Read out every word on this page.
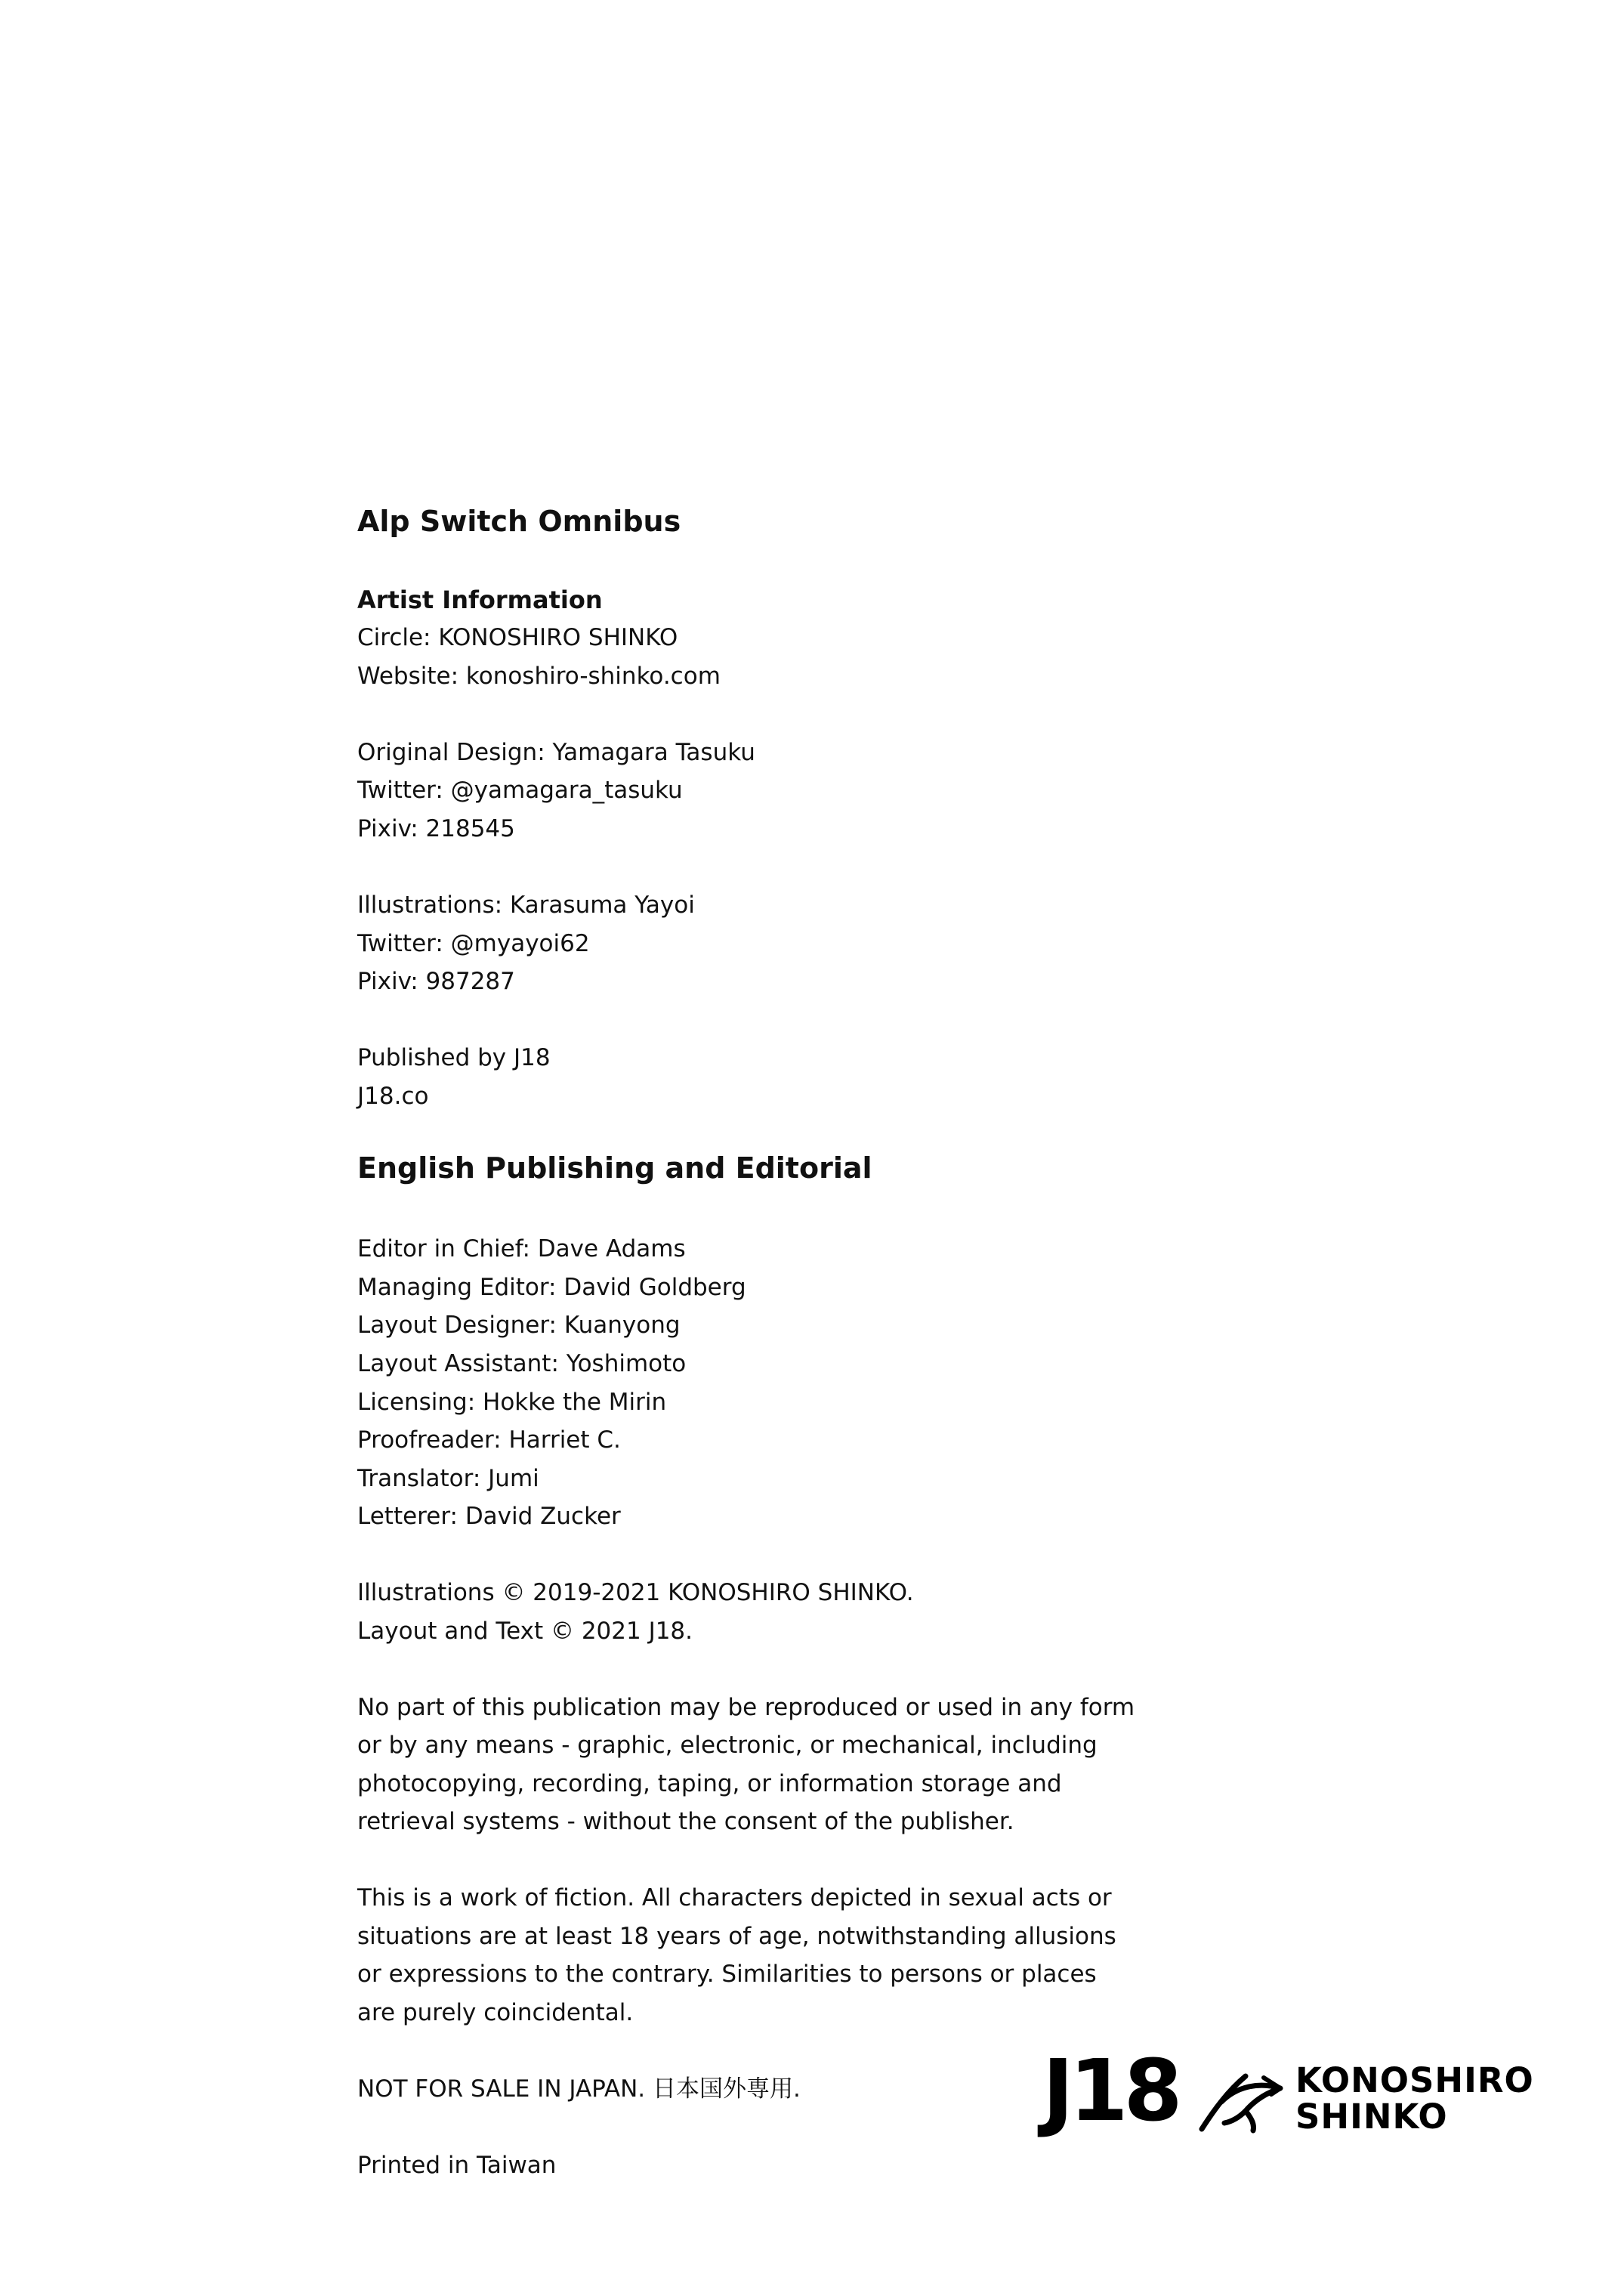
Alp Switch Omnibus
Artist Information
Circle: KONOSHIRO SHINKO
Website: konoshiro-shinko.com
Original Design: Yamagara Tasuku
Twitter: @yamagara_tasuku
Pixiv: 218545
Illustrations: Karasuma Yayoi
Twitter: @myayoi62
Pixiv: 987287
Published by J18
J18.co
English Publishing and Editorial
Editor in Chief: Dave Adams
Managing Editor: David Goldberg
Layout Designer: Kuanyong
Layout Assistant: Yoshimoto
Licensing: Hokke the Mirin
Proofreader: Harriet C.
Translator: Jumi
Letterer: David Zucker
Illustrations © 2019-2021 KONOSHIRO SHINKO.
Layout and Text © 2021 J18.
No part of this publication may be reproduced or used in any form
or by any means - graphic, electronic, or mechanical, including
photocopying, recording, taping, or information storage and
retrieval systems - without the consent of the publisher.
This is a work of fiction. All characters depicted in sexual acts or
situations are at least 18 years of age, notwithstanding allusions
or expressions to the contrary. Similarities to persons or places
are purely coincidental.
NOT FOR SALE IN JAPAN. 日本国外専用.
Printed in Taiwan
J18	KONOSHIRO
SHINKO
